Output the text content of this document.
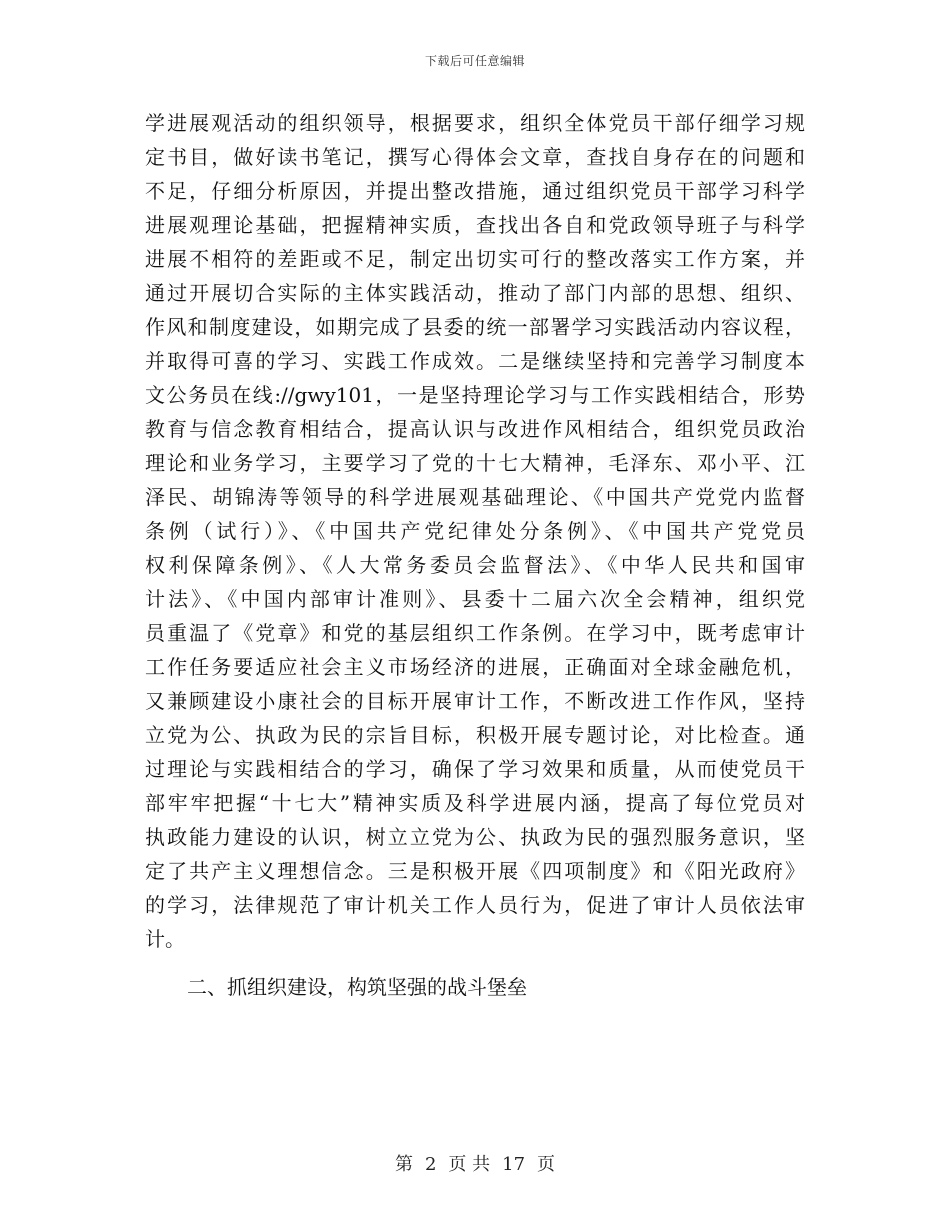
下载后可任意编辑
学进展观活动的组织领导，根据要求，组织全体党员干部仔细学习规
定书目，做好读书笔记，撰写心得体会文章，查找自身存在的问题和
不足，仔细分析原因，并提出整改措施，通过组织党员干部学习科学
进展观理论基础，把握精神实质，查找出各自和党政领导班子与科学
进展不相符的差距或不足，制定出切实可行的整改落实工作方案，并
通过开展切合实际的主体实践活动，推动了部门内部的思想、组织、
作风和制度建设，如期完成了县委的统一部署学习实践活动内容议程，
并取得可喜的学习、实践工作成效。二是继续坚持和完善学习制度本
文公务员在线://gwy101，一是坚持理论学习与工作实践相结合，形势
教育与信念教育相结合，提高认识与改进作风相结合，组织党员政治
理论和业务学习，主要学习了党的十七大精神，毛泽东、邓小平、江
泽民、胡锦涛等领导的科学进展观基础理论、《中国共产党党内监督
条例（试行）》、《中国共产党纪律处分条例》、《中国共产党党员
权利保障条例》、《人大常务委员会监督法》、《中华人民共和国审
计法》、《中国内部审计准则》、县委十二届六次全会精神，组织党
员重温了《党章》和党的基层组织工作条例。在学习中，既考虑审计
工作任务要适应社会主义市场经济的进展，正确面对全球金融危机，
又兼顾建设小康社会的目标开展审计工作，不断改进工作作风，坚持
立党为公、执政为民的宗旨目标，积极开展专题讨论，对比检查。通
过理论与实践相结合的学习，确保了学习效果和质量，从而使党员干
部牢牢把握“十七大”精神实质及科学进展内涵，提高了每位党员对
执政能力建设的认识，树立立党为公、执政为民的强烈服务意识，坚
定了共产主义理想信念。三是积极开展《四项制度》和《阳光政府》
的学习，法律规范了审计机关工作人员行为，促进了审计人员依法审
计。
二、抓组织建设，构筑坚强的战斗堡垒
第 2 页 共 17 页
